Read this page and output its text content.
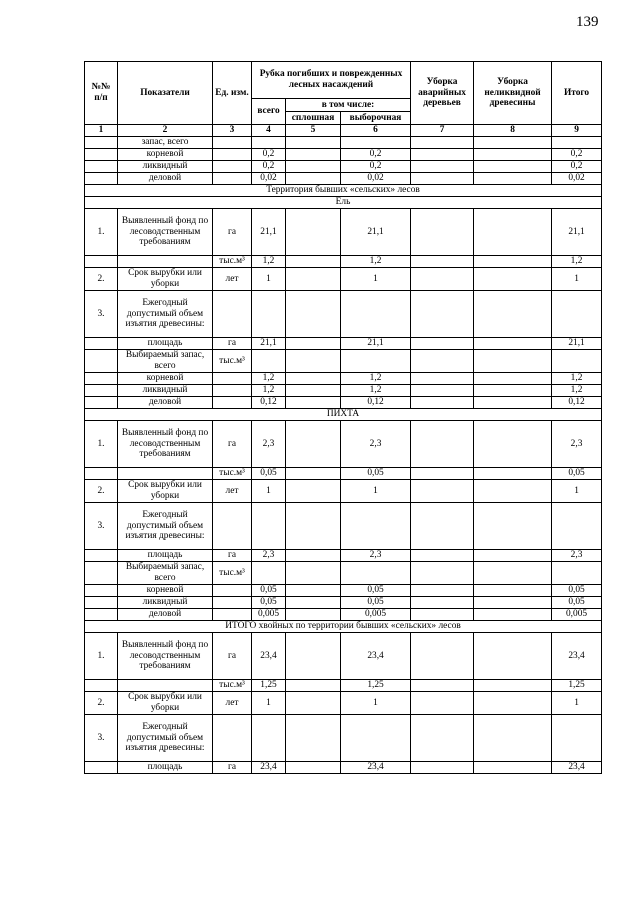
139
№№ п/п	Показатели	Ед. изм.	Рубка погибших и поврежденных лесных насаждений			Уборка аварийных деревьев	Уборка неликвидной древесины	Итого
			всего	в том числе:				
				сплошная	выборочная			
1	2	3	4	5	6	7	8	9
	запас, всего							
	корневой		0,2		0,2			0,2
	ликвидный		0,2		0,2			0,2
	деловой		0,02		0,02			0,02
Территория бывших «сельских» лесов								
Ель								
1.	Выявленный фонд по лесоводственным требованиям	га	21,1		21,1			21,1
		тыс.м³	1,2		1,2			1,2
2.	Срок вырубки или уборки	лет	1		1			1
3.	Ежегодный допустимый объем изъятия древесины:							
	площадь	га	21,1		21,1			21,1
	Выбираемый запас, всего	тыс.м³						
	корневой		1,2		1,2			1,2
	ликвидный		1,2		1,2			1,2
	деловой		0,12		0,12			0,12
ПИХТА								
1.	Выявленный фонд по лесоводственным требованиям	га	2,3		2,3			2,3
		тыс.м³	0,05		0,05			0,05
2.	Срок вырубки или уборки	лет	1		1			1
3.	Ежегодный допустимый объем изъятия древесины:							
	площадь	га	2,3		2,3			2,3
	Выбираемый запас, всего	тыс.м³						
	корневой		0,05		0,05			0,05
	ликвидный		0,05		0,05			0,05
	деловой		0,005		0,005			0,005
ИТОГО хвойных по территории бывших «сельских» лесов								
1.	Выявленный фонд по лесоводственным требованиям	га	23,4		23,4			23,4
		тыс.м³	1,25		1,25			1,25
2.	Срок вырубки или уборки	лет	1		1			1
3.	Ежегодный допустимый объем изъятия древесины:							
	площадь	га	23,4		23,4			23,4
